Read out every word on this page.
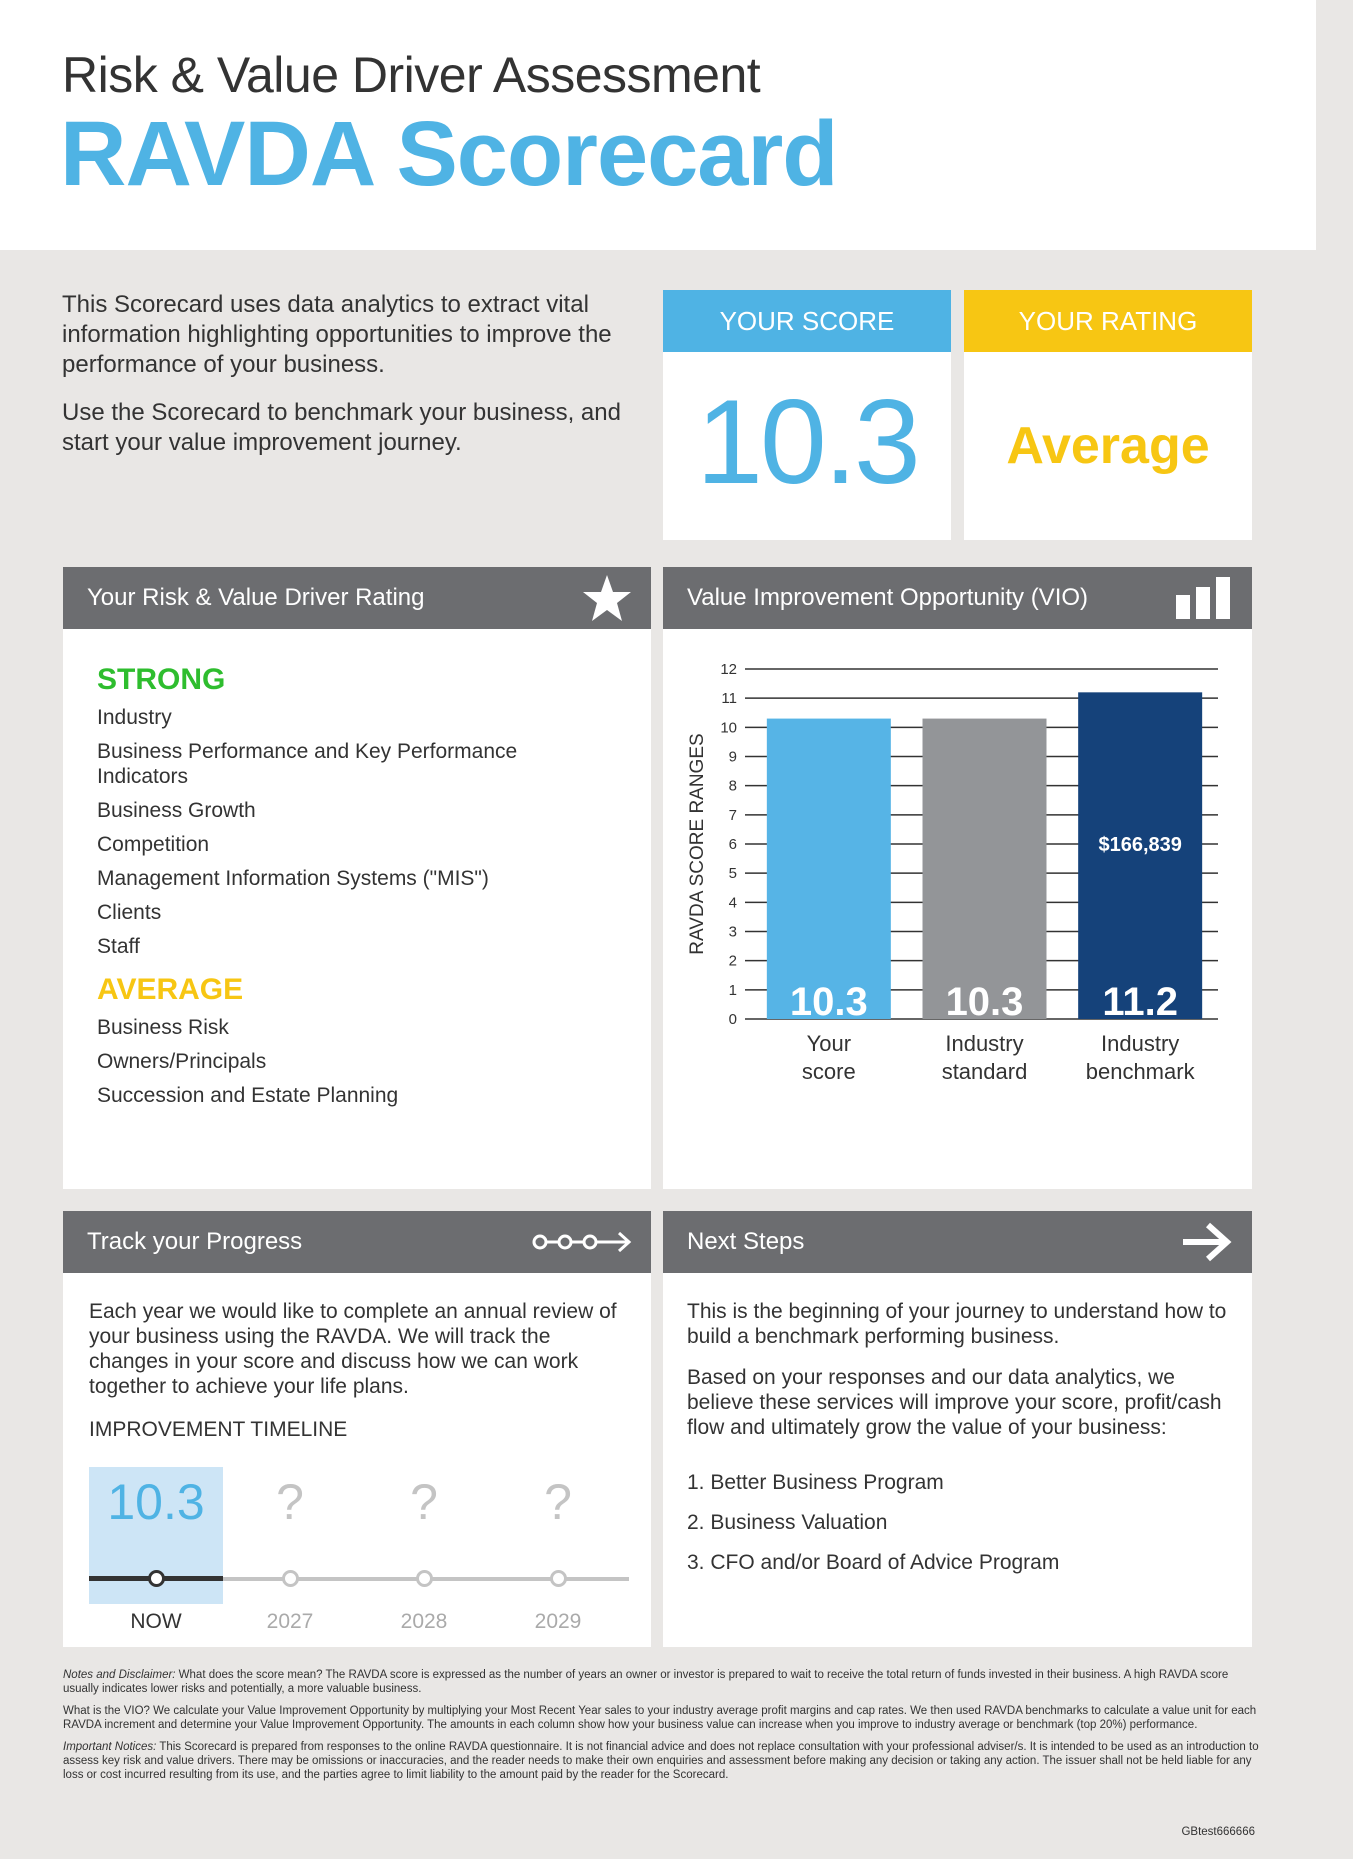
Risk & Value Driver Assessment
RAVDA Scorecard

This Scorecard uses data analytics to extract vital information highlighting opportunities to improve the performance of your business.

Use the Scorecard to benchmark your business, and start your value improvement journey.

YOUR SCORE
10.3
YOUR RATING
Average
Your Risk & Value Driver Rating
STRONG
Industry
Business Performance and Key Performance Indicators
Business Growth
Competition
Management Information Systems ("MIS")
Clients
Staff
AVERAGE
Business Risk
Owners/Principals
Succession and Estate Planning
Value Improvement Opportunity (VIO)
0
1
2
3
4
5
6
7
8
9
10
11
12
RAVDA SCORE RANGES
10.3
Your
score
10.3
Industry
standard
11.2
Industry
benchmark
$166,839
Track your Progress

Each year we would like to complete an annual review of your business using the RAVDA. We will track the changes in your score and discuss how we can work together to achieve your life plans.

IMPROVEMENT TIMELINE
10.3	?	?	?
NOW	2027	2028	2029
Next Steps

This is the beginning of your journey to understand how to build a benchmark performing business.

Based on your responses and our data analytics, we believe these services will improve your score, profit/cash flow and ultimately grow the value of your business:

1. Better Business Program
2. Business Valuation
3. CFO and/or Board of Advice Program

Notes and Disclaimer: What does the score mean? The RAVDA score is expressed as the number of years an owner or investor is prepared to wait to receive the total return of funds invested in their business. A high RAVDA score usually indicates lower risks and potentially, a more valuable business.

What is the VIO? We calculate your Value Improvement Opportunity by multiplying your Most Recent Year sales to your industry average profit margins and cap rates. We then used RAVDA benchmarks to calculate a value unit for each RAVDA increment and determine your Value Improvement Opportunity. The amounts in each column show how your business value can increase when you improve to industry average or benchmark (top 20%) performance.

Important Notices: This Scorecard is prepared from responses to the online RAVDA questionnaire. It is not financial advice and does not replace consultation with your professional adviser/s. It is intended to be used as an introduction to assess key risk and value drivers. There may be omissions or inaccuracies, and the reader needs to make their own enquiries and assessment before making any decision or taking any action. The issuer shall not be held liable for any loss or cost incurred resulting from its use, and the parties agree to limit liability to the amount paid by the reader for the Scorecard.

GBtest666666
